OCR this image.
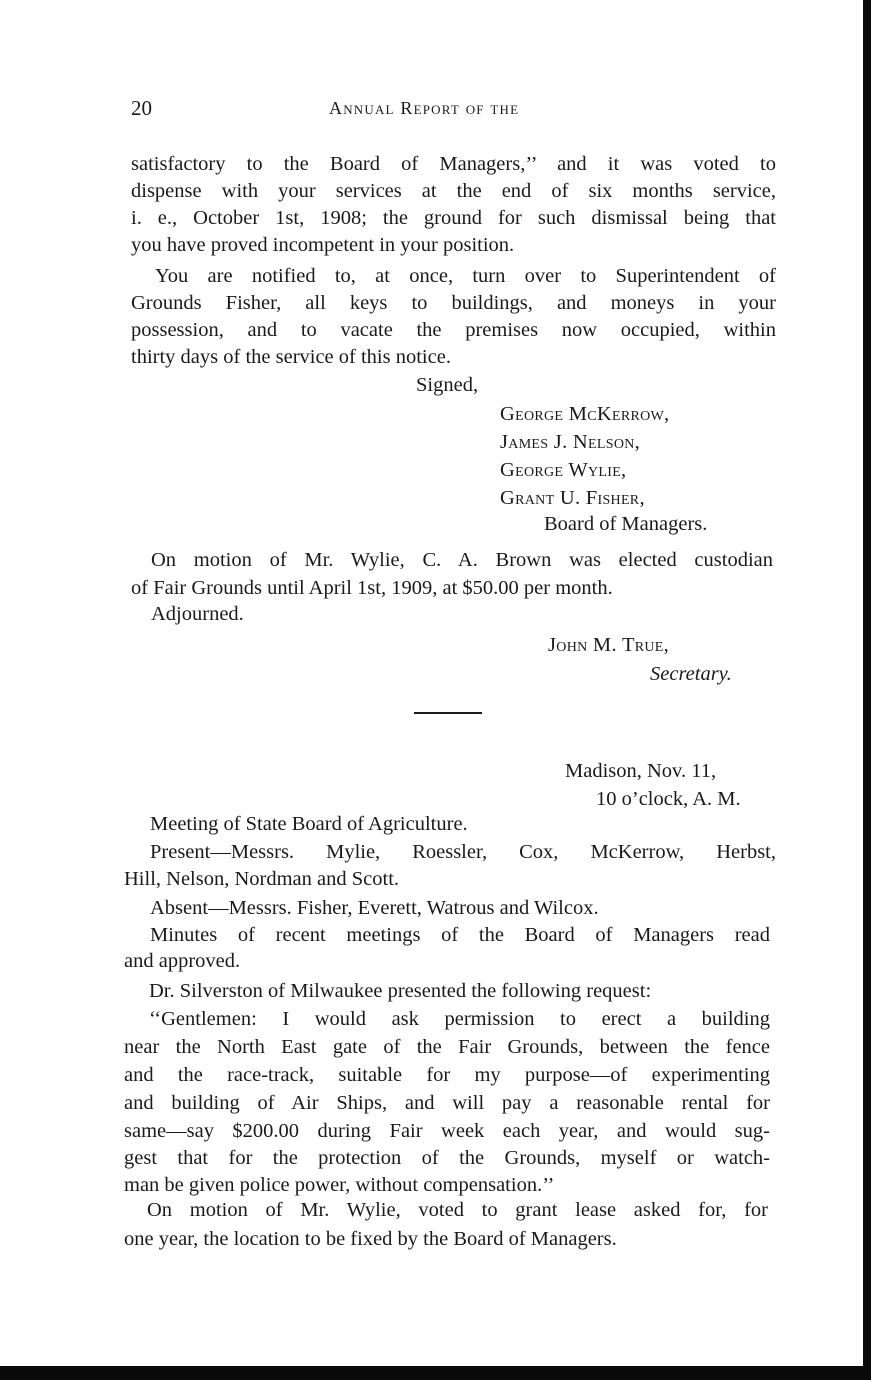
20	Annual Report of the
satisfactory to the Board of Managers,’’ and it was voted to
dispense with your services at the end of six months service,
i. e., October 1st, 1908; the ground for such dismissal being that
you have proved incompetent in your position.
You are notified to, at once, turn over to Superintendent of
Grounds Fisher, all keys to buildings, and moneys in your
possession, and to vacate the premises now occupied, within
thirty days of the service of this notice.
Signed,
George McKerrow,
James J. Nelson,
George Wylie,
Grant U. Fisher,
Board of Managers.
On motion of Mr. Wylie, C. A. Brown was elected custodian
of Fair Grounds until April 1st, 1909, at $50.00 per month.
Adjourned.
John M. True,
Secretary.
Madison, Nov. 11,
10 o’clock, A. M.
Meeting of State Board of Agriculture.
Present—Messrs. Mylie, Roessler, Cox, McKerrow, Herbst,
Hill, Nelson, Nordman and Scott.
Absent—Messrs. Fisher, Everett, Watrous and Wilcox.
Minutes of recent meetings of the Board of Managers read
and approved.
Dr. Silverston of Milwaukee presented the following request:
‘‘Gentlemen: I would ask permission to erect a building
near the North East gate of the Fair Grounds, between the fence
and the race-track, suitable for my purpose—of experimenting
and building of Air Ships, and will pay a reasonable rental for
same—say $200.00 during Fair week each year, and would sug-
gest that for the protection of the Grounds, myself or watch-
man be given police power, without compensation.’’
On motion of Mr. Wylie, voted to grant lease asked for, for
one year, the location to be fixed by the Board of Managers.
